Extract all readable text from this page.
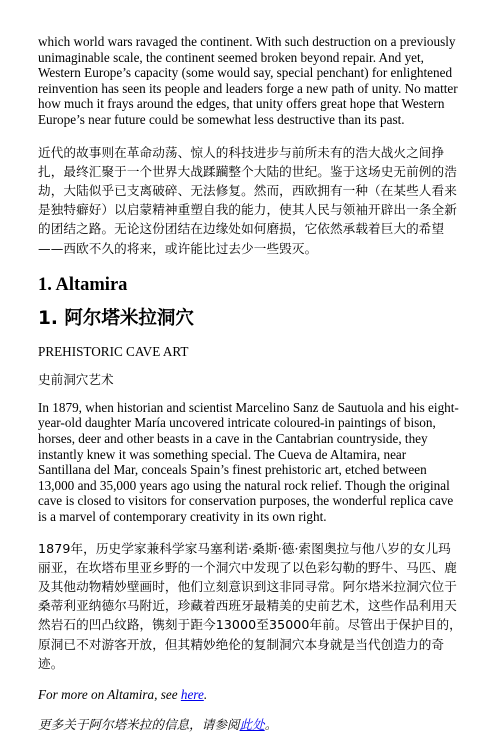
which world wars ravaged the continent. With such destruction on a previously unimaginable scale, the continent seemed broken beyond repair. And yet, Western Europe’s capacity (some would say, special penchant) for enlightened reinvention has seen its people and leaders forge a new path of unity. No matter how much it frays around the edges, that unity offers great hope that Western Europe’s near future could be somewhat less destructive than its past.

近代的故事则在革命动荡、惊人的科技进步与前所未有的浩大战火之间挣扎，最终汇聚于一个世界大战蹂躏整个大陆的世纪。鉴于这场史无前例的浩劫，大陆似乎已支离破碎、无法修复。然而，西欧拥有一种（在某些人看来是独特癖好）以启蒙精神重塑自我的能力，使其人民与领袖开辟出一条全新的团结之路。无论这份团结在边缘处如何磨损，它依然承载着巨大的希望——西欧不久的将来，或许能比过去少一些毁灭。

1. Altamira
1. 阿尔塔米拉洞穴

PREHISTORIC CAVE ART

史前洞穴艺术

In 1879, when historian and scientist Marcelino Sanz de Sautuola and his eight-year-old daughter María uncovered intricate coloured-in paintings of bison, horses, deer and other beasts in a cave in the Cantabrian countryside, they instantly knew it was something special. The Cueva de Altamira, near Santillana del Mar, conceals Spain’s finest prehistoric art, etched between 13,000 and 35,000 years ago using the natural rock relief. Though the original cave is closed to visitors for conservation purposes, the wonderful replica cave is a marvel of contemporary creativity in its own right.

1879年，历史学家兼科学家马塞利诺·桑斯·德·索图奥拉与他八岁的女儿玛丽亚，在坎塔布里亚乡野的一个洞穴中发现了以色彩勾勒的野牛、马匹、鹿及其他动物精妙壁画时，他们立刻意识到这非同寻常。阿尔塔米拉洞穴位于桑蒂利亚纳德尔马附近，珍藏着西班牙最精美的史前艺术，这些作品利用天然岩石的凹凸纹路，镌刻于距今13000至35000年前。尽管出于保护目的，原洞已不对游客开放，但其精妙绝伦的复制洞穴本身就是当代创造力的奇迹。

For more on Altamira, see here.

更多关于阿尔塔米拉的信息，请参阅此处。
